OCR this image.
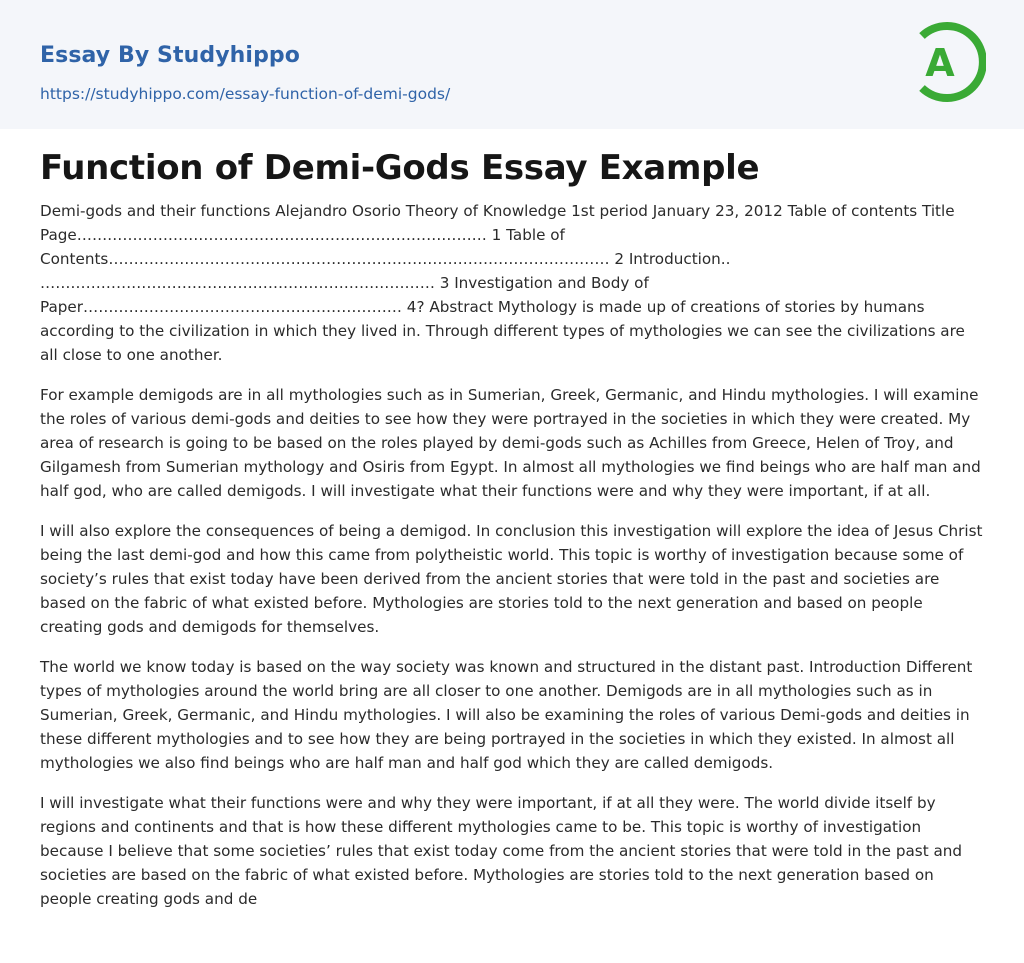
Essay By Studyhippo
https://studyhippo.com/essay-function-of-demi-gods/
A
Function of Demi-Gods Essay Example

Demi-gods and their functions Alejandro Osorio Theory of Knowledge 1st period January 23, 2012 Table of contents Title Page……………………………………………………………………… 1 Table of Contents……………………………………………………………………………………… 2 Introduction.. …………………………………………………………………… 3 Investigation and Body of Paper……………………………………………………… 4? Abstract Mythology is made up of creations of stories by humans according to the civilization in which they lived in. Through different types of mythologies we can see the civilizations are all close to one another.

For example demigods are in all mythologies such as in Sumerian, Greek, Germanic, and Hindu mythologies. I will examine the roles of various demi-gods and deities to see how they were portrayed in the societies in which they were created. My area of research is going to be based on the roles played by demi-gods such as Achilles from Greece, Helen of Troy, and Gilgamesh from Sumerian mythology and Osiris from Egypt. In almost all mythologies we find beings who are half man and half god, who are called demigods. I will investigate what their functions were and why they were important, if at all.

I will also explore the consequences of being a demigod. In conclusion this investigation will explore the idea of Jesus Christ being the last demi-god and how this came from polytheistic world. This topic is worthy of investigation because some of society’s rules that exist today have been derived from the ancient stories that were told in the past and societies are based on the fabric of what existed before. Mythologies are stories told to the next generation and based on people creating gods and demigods for themselves.

The world we know today is based on the way society was known and structured in the distant past. Introduction Different types of mythologies around the world bring are all closer to one another. Demigods are in all mythologies such as in Sumerian, Greek, Germanic, and Hindu mythologies. I will also be examining the roles of various Demi-gods and deities in these different mythologies and to see how they are being portrayed in the societies in which they existed. In almost all mythologies we also find beings who are half man and half god which they are called demigods.

I will investigate what their functions were and why they were important, if at all they were. The world divide itself by regions and continents and that is how these different mythologies came to be. This topic is worthy of investigation because I believe that some societies’ rules that exist today come from the ancient stories that were told in the past and societies are based on the fabric of what existed before. Mythologies are stories told to the next generation based on people creating gods and de
